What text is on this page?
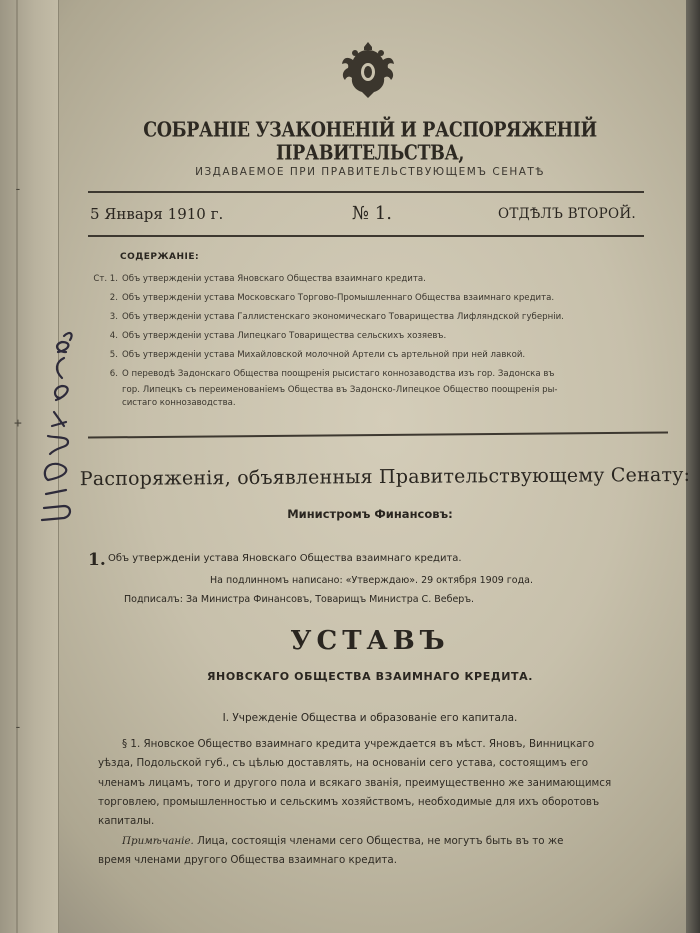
-
+
-
СОБРАНІЕ УЗАКОНЕНІЙ И РАСПОРЯЖЕНІЙ ПРАВИТЕЛЬСТВА,
ИЗДАВАЕМОЕ ПРИ ПРАВИТЕЛЬСТВУЮЩЕМЪ СЕНАТѢ
5 Января 1910 г.	№ 1.	ОТДѢЛЪ ВТОРОЙ.
СОДЕРЖАНІЕ:
Ст. 1. Объ утвержденіи устава Яновскаго Общества взаимнаго кредита.
2. Объ утвержденіи устава Московскаго Торгово-Промышленнаго Общества взаимнаго кредита.
3. Объ утвержденіи устава Галлистенскаго экономическаго Товарищества Лифляндской губерніи.
4. Объ утвержденіи устава Липецкаго Товарищества сельскихъ хозяевъ.
5. Объ утвержденіи устава Михайловской молочной Артели съ артельной при ней лавкой.
6. О переводѣ Задонскаго Общества поощренія рысистаго коннозаводства изъ гор. Задонска въ
гор. Липецкъ съ переименованіемъ Общества въ Задонско-Липецкое Общество поощренія ры-
систаго коннозаводства.
Распоряженія, объявленныя Правительствующему Сенату:
Министромъ Финансовъ:
1. Объ утвержденіи устава Яновскаго Общества взаимнаго кредита.
На подлинномъ написано: «Утверждаю». 29 октября 1909 года.
Подписалъ: За Министра Финансовъ, Товарищъ Министра С. Веберъ.
УСТАВЪ
ЯНОВСКАГО ОБЩЕСТВА ВЗАИМНАГО КРЕДИТА.
I. Учрежденіе Общества и образованіе его капитала.
§ 1. Яновское Общество взаимнаго кредита учреждается въ мѣст. Яновъ, Винницкаго
уѣзда, Подольской губ., съ цѣлью доставлять, на основаніи сего устава, состоящимъ его
членамъ лицамъ, того и другого пола и всякаго званія, преимущественно же занимающимся
торговлею, промышленностью и сельскимъ хозяйствомъ, необходимые для ихъ оборотовъ
капиталы.
Примѣчаніе. Лица, состоящія членами сего Общества, не могутъ быть въ то же
время членами другого Общества взаимнаго кредита.
